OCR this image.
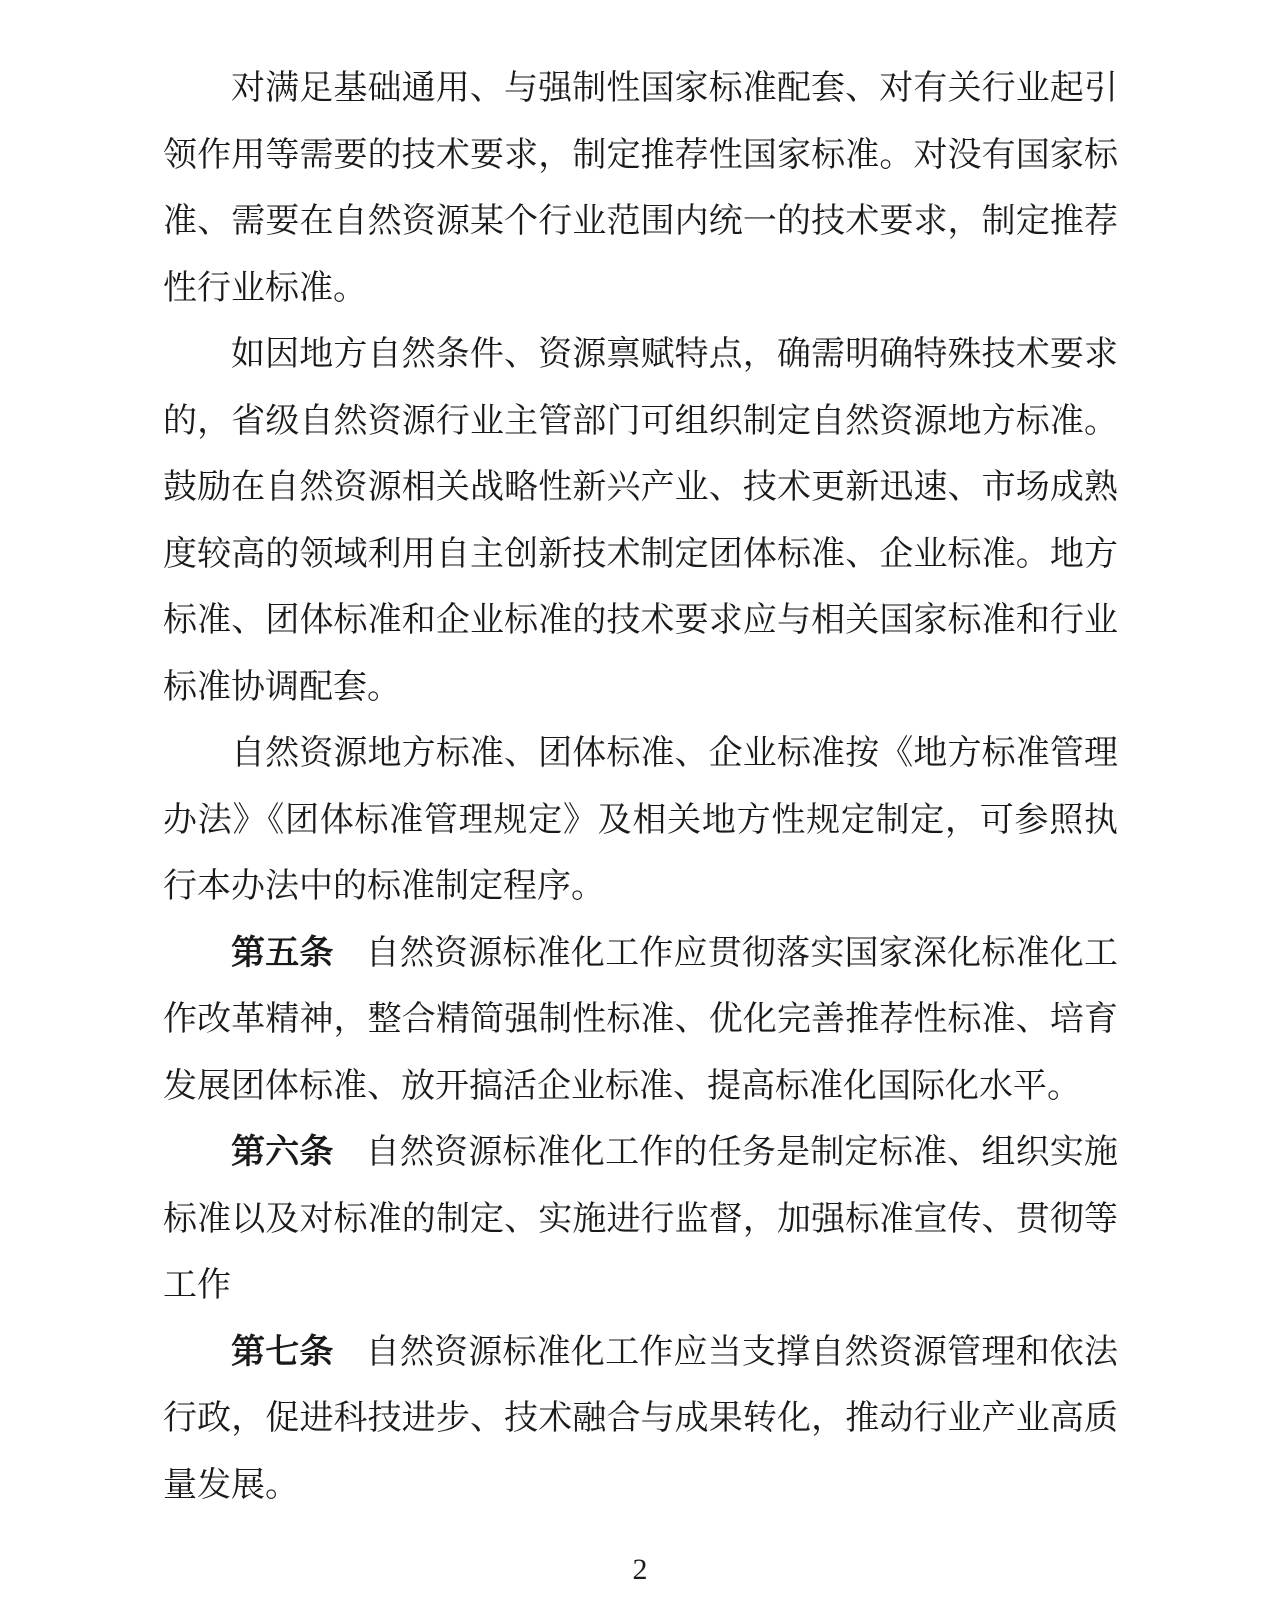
对满足基础通用、与强制性国家标准配套、对有关行业起引
领作用等需要的技术要求，制定推荐性国家标准。对没有国家标
准、需要在自然资源某个行业范围内统一的技术要求，制定推荐
性行业标准。
如因地方自然条件、资源禀赋特点，确需明确特殊技术要求
的，省级自然资源行业主管部门可组织制定自然资源地方标准。
鼓励在自然资源相关战略性新兴产业、技术更新迅速、市场成熟
度较高的领域利用自主创新技术制定团体标准、企业标准。地方
标准、团体标准和企业标准的技术要求应与相关国家标准和行业
标准协调配套。
自然资源地方标准、团体标准、企业标准按《地方标准管理
办法》《团体标准管理规定》及相关地方性规定制定，可参照执
行本办法中的标准制定程序。
第五条 自然资源标准化工作应贯彻落实国家深化标准化工
作改革精神，整合精简强制性标准、优化完善推荐性标准、培育
发展团体标准、放开搞活企业标准、提高标准化国际化水平。
第六条 自然资源标准化工作的任务是制定标准、组织实施
标准以及对标准的制定、实施进行监督，加强标准宣传、贯彻等
工作
第七条 自然资源标准化工作应当支撑自然资源管理和依法
行政，促进科技进步、技术融合与成果转化，推动行业产业高质
量发展。
2
